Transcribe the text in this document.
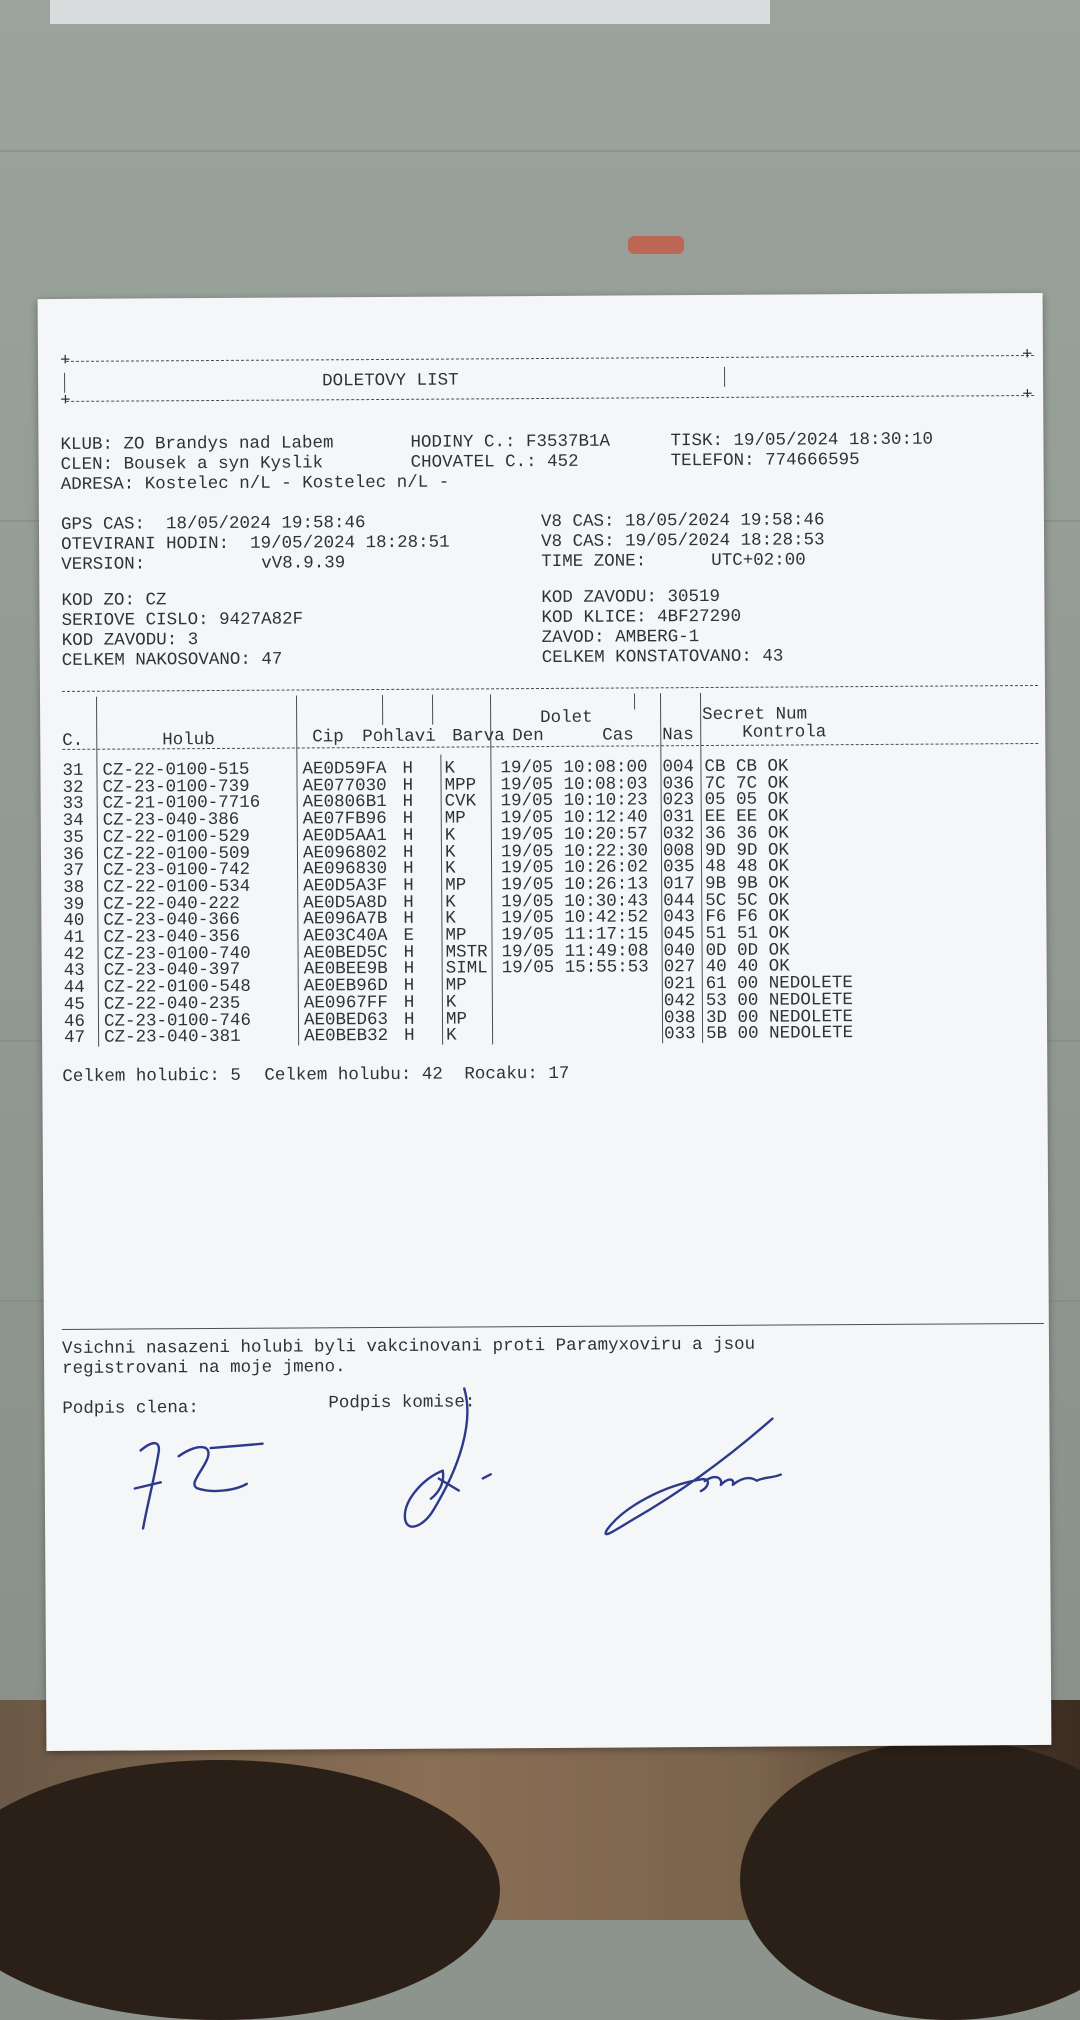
+	+
DOLETOVY LIST
+	+
KLUB: ZO Brandys nad Labem	HODINY C.: F3537B1A	TISK: 19/05/2024 18:30:10
CLEN: Bousek a syn Kyslik	CHOVATEL C.: 452	TELEFON: 774666595
ADRESA: Kostelec n/L - Kostelec n/L -
GPS CAS:  18/05/2024 19:58:46	V8 CAS: 18/05/2024 19:58:46
OTEVIRANI HODIN:  19/05/2024 18:28:51	V8 CAS: 19/05/2024 18:28:53
VERSION:	vV8.9.39	TIME ZONE:	UTC+02:00
KOD ZO: CZ	KOD ZAVODU: 30519
SERIOVE CISLO: 9427A82F	KOD KLICE: 4BF27290
KOD ZAVODU: 3	ZAVOD: AMBERG-1
CELKEM NAKOSOVANO: 47	CELKEM KONSTATOVANO: 43
C.	Holub	Cip Pohlavi Barva
Dolet
Den	Cas Nas
Secret Num
Kontrola
31 CZ-22-0100-515	AE0D59FA H K	19/05 10:08:00 004 CB CB OK
32 CZ-23-0100-739	AE077030 H MPP 19/05 10:08:03 036 7C 7C OK
33 CZ-21-0100-7716 AE0806B1 H CVK 19/05 10:10:23 023 05 05 OK
34 CZ-23-040-386	AE07FB96 H MP 19/05 10:12:40 031 EE EE OK
35 CZ-22-0100-529	AE0D5AA1 H K	19/05 10:20:57 032 36 36 OK
36 CZ-22-0100-509	AE096802 H K	19/05 10:22:30 008 9D 9D OK
37 CZ-23-0100-742	AE096830 H K	19/05 10:26:02 035 48 48 OK
38 CZ-22-0100-534	AE0D5A3F H MP 19/05 10:26:13 017 9B 9B OK
39 CZ-22-040-222	AE0D5A8D H K	19/05 10:30:43 044 5C 5C OK
40 CZ-23-040-366	AE096A7B H K	19/05 10:42:52 043 F6 F6 OK
41 CZ-23-040-356	AE03C40A E MP 19/05 11:17:15 045 51 51 OK
42 CZ-23-0100-740	AE0BED5C H MSTR 19/05 11:49:08 040 0D 0D OK
43 CZ-23-040-397	AE0BEE9B H SIML 19/05 15:55:53 027 40 40 OK
44 CZ-22-0100-548	AE0EB96D H MP	021 61 00 NEDOLETE
45 CZ-22-040-235	AE0967FF H K	042 53 00 NEDOLETE
46 CZ-23-0100-746	AE0BED63 H MP	038 3D 00 NEDOLETE
47 CZ-23-040-381	AE0BEB32 H K	033 5B 00 NEDOLETE
Celkem holubic: 5 Celkem holubu: 42 Rocaku: 17
Vsichni nasazeni holubi byli vakcinovani proti Paramyxoviru a jsou
registrovani na moje jmeno.
Podpis clena:	Podpis komise:
